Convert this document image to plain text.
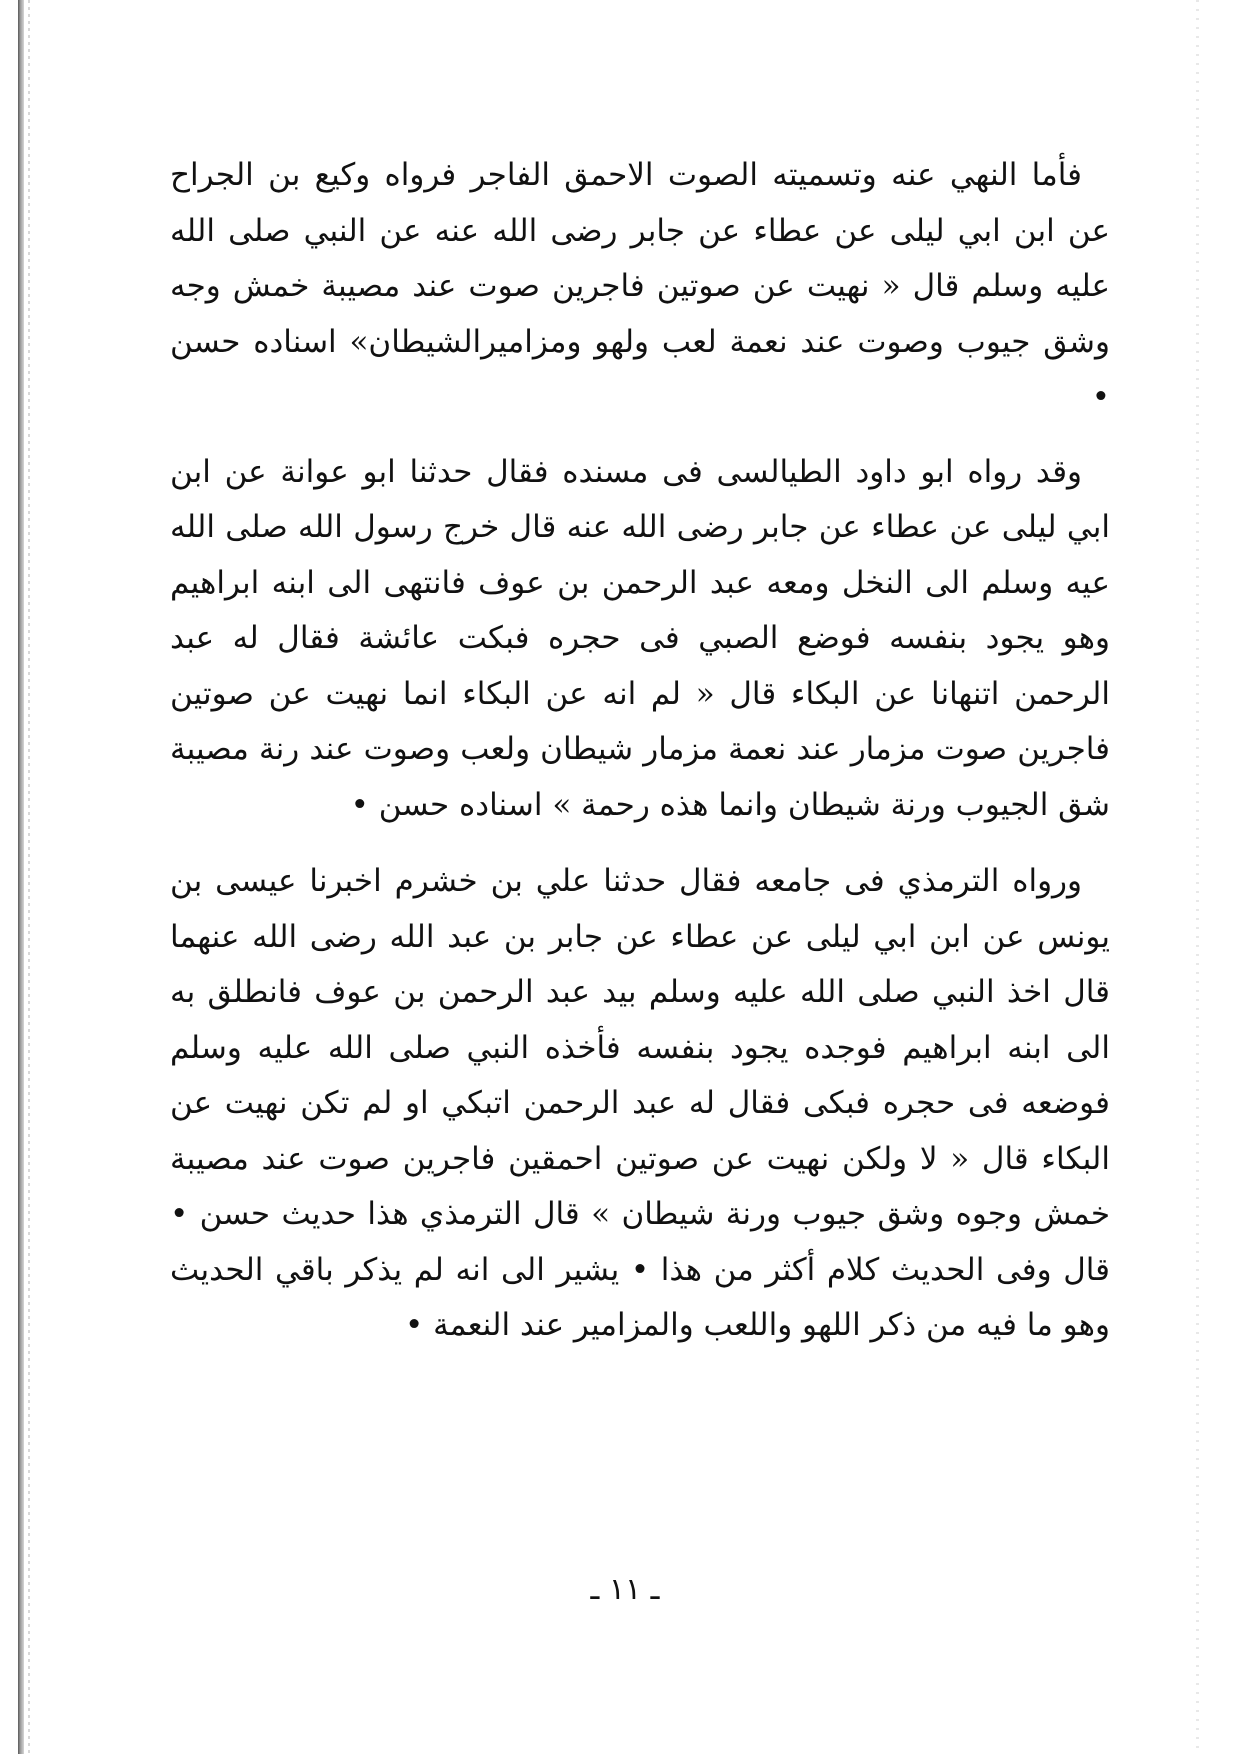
فأما النهي عنه وتسميته الصوت الاحمق الفاجر فرواه وكيع بن الجراح عن ابن ابي ليلى عن عطاء عن جابر رضى الله عنه عن النبي صلى الله عليه وسلم قال « نهيت عن صوتين فاجرين صوت عند مصيبة خمش وجه وشق جيوب وصوت عند نعمة لعب ولهو ومزاميرالشيطان» اسناده حسن •

وقد رواه ابو داود الطيالسى فى مسنده فقال حدثنا ابو عوانة عن ابن ابي ليلى عن عطاء عن جابر رضى الله عنه قال خرج رسول الله صلى الله عيه وسلم الى النخل ومعه عبد الرحمن بن عوف فانتهى الى ابنه ابراهيم وهو يجود بنفسه فوضع الصبي فى حجره فبكت عائشة فقال له عبد الرحمن اتنهانا عن البكاء قال « لم انه عن البكاء انما نهيت عن صوتين فاجرين صوت مزمار عند نعمة مزمار شيطان ولعب وصوت عند رنة مصيبة شق الجيوب ورنة شيطان وانما هذه رحمة » اسناده حسن •

ورواه الترمذي فى جامعه فقال حدثنا علي بن خشرم اخبرنا عيسى بن يونس عن ابن ابي ليلى عن عطاء عن جابر بن عبد الله رضى الله عنهما قال اخذ النبي صلى الله عليه وسلم بيد عبد الرحمن بن عوف فانطلق به الى ابنه ابراهيم فوجده يجود بنفسه فأخذه النبي صلى الله عليه وسلم فوضعه فى حجره فبكى فقال له عبد الرحمن اتبكي او لم تكن نهيت عن البكاء قال « لا ولكن نهيت عن صوتين احمقين فاجرين صوت عند مصيبة خمش وجوه وشق جيوب ورنة شيطان » قال الترمذي هذا حديث حسن • قال وفى الحديث كلام أكثر من هذا • يشير الى انه لم يذكر باقي الحديث وهو ما فيه من ذكر اللهو واللعب والمزامير عند النعمة •

ـ ١١ ـ
